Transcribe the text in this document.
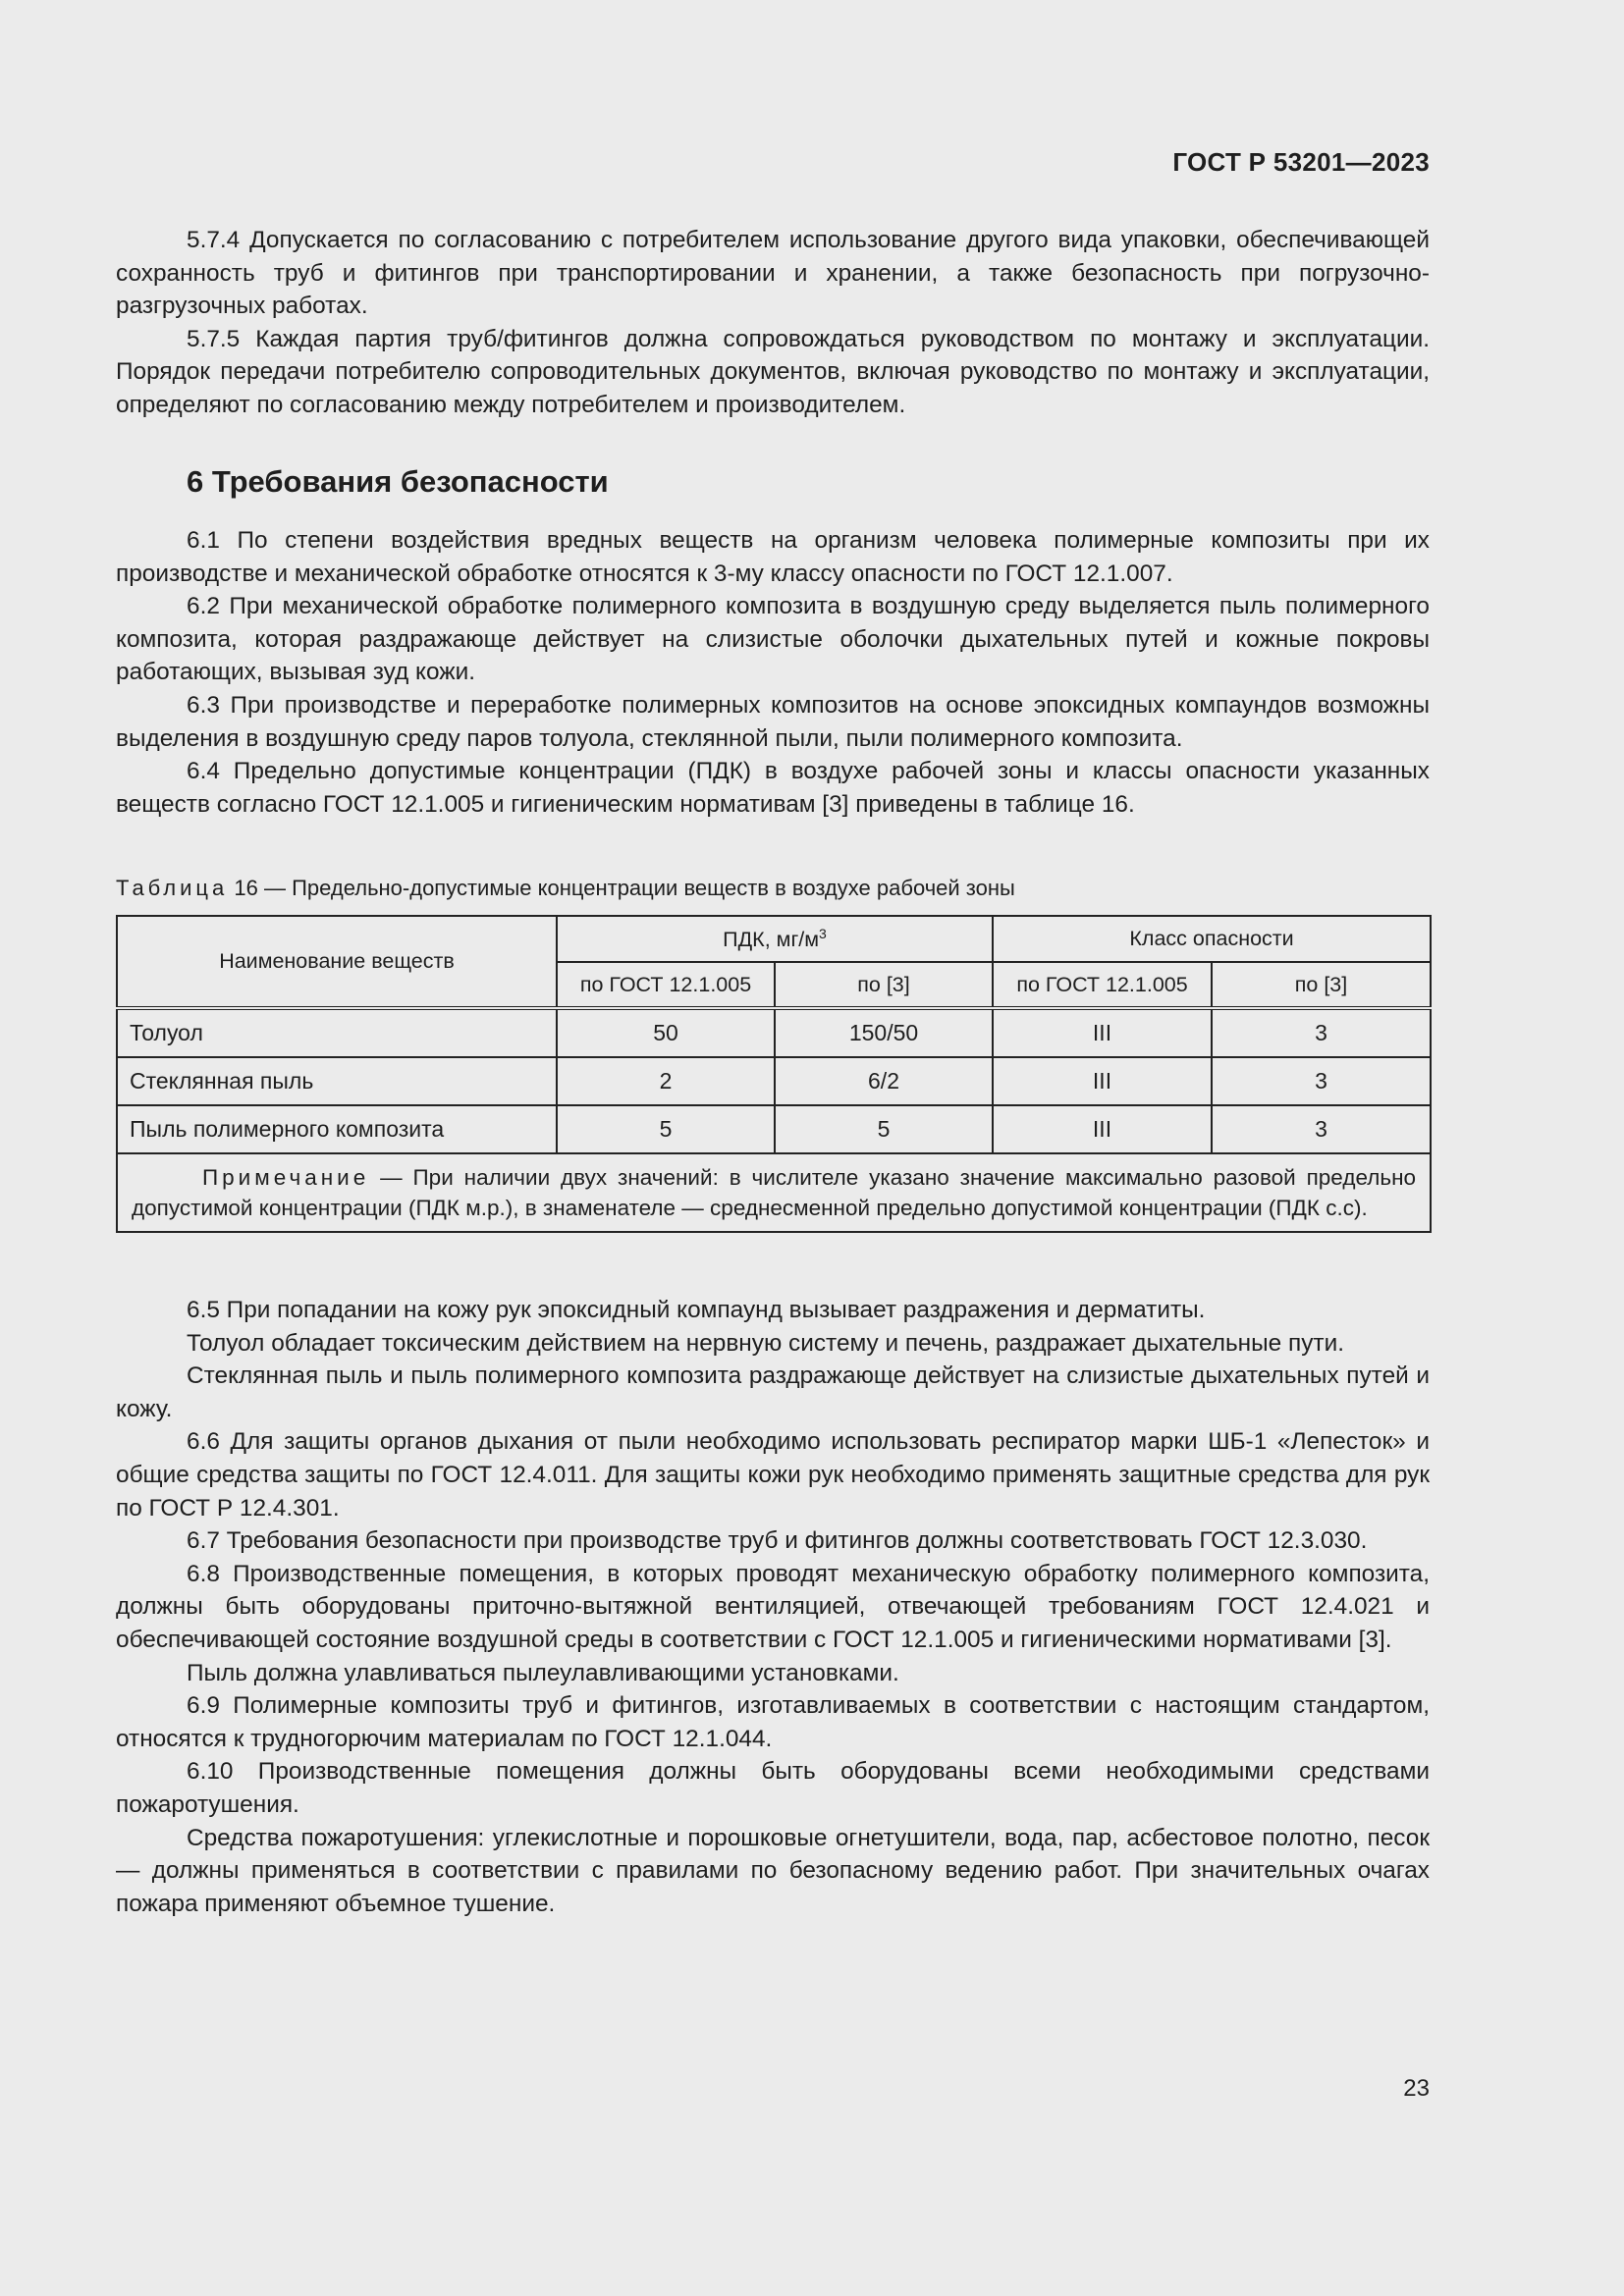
ГОСТ Р 53201—2023

5.7.4 Допускается по согласованию с потребителем использование другого вида упаковки, обеспечивающей сохранность труб и фитингов при транспортировании и хранении, а также безопасность при погрузочно-разгрузочных работах.

5.7.5 Каждая партия труб/фитингов должна сопровождаться руководством по монтажу и эксплуатации. Порядок передачи потребителю сопроводительных документов, включая руководство по монтажу и эксплуатации, определяют по согласованию между потребителем и производителем.

6 Требования безопасности

6.1 По степени воздействия вредных веществ на организм человека полимерные композиты при их производстве и механической обработке относятся к 3-му классу опасности по ГОСТ 12.1.007.

6.2 При механической обработке полимерного композита в воздушную среду выделяется пыль полимерного композита, которая раздражающе действует на слизистые оболочки дыхательных путей и кожные покровы работающих, вызывая зуд кожи.

6.3 При производстве и переработке полимерных композитов на основе эпоксидных компаундов возможны выделения в воздушную среду паров толуола, стеклянной пыли, пыли полимерного композита.

6.4 Предельно допустимые концентрации (ПДК) в воздухе рабочей зоны и классы опасности указанных веществ согласно ГОСТ 12.1.005 и гигиеническим нормативам [3] приведены в таблице 16.

Таблица 16 — Предельно-допустимые концентрации веществ в воздухе рабочей зоны
Наименование веществ	ПДК, $мг/м^3$		Класс опасности	
	по ГОСТ 12.1.005	по [3]	по ГОСТ 12.1.005	по [3]
Толуол	50	150/50	III	3
Стеклянная пыль	2	6/2	III	3
Пыль полимерного композита	5	5	III	3
Примечание — При наличии двух значений: в числителе указано значение максимально разовой предельно допустимой концентрации (ПДК м.р.), в знаменателе — среднесменной предельно допустимой концентрации (ПДК с.с).				

6.5 При попадании на кожу рук эпоксидный компаунд вызывает раздражения и дерматиты.

Толуол обладает токсическим действием на нервную систему и печень, раздражает дыхательные пути.

Стеклянная пыль и пыль полимерного композита раздражающе действует на слизистые дыхательных путей и кожу.

6.6 Для защиты органов дыхания от пыли необходимо использовать респиратор марки ШБ-1 «Лепесток» и общие средства защиты по ГОСТ 12.4.011. Для защиты кожи рук необходимо применять защитные средства для рук по ГОСТ Р 12.4.301.

6.7 Требования безопасности при производстве труб и фитингов должны соответствовать ГОСТ 12.3.030.

6.8 Производственные помещения, в которых проводят механическую обработку полимерного композита, должны быть оборудованы приточно-вытяжной вентиляцией, отвечающей требованиям ГОСТ 12.4.021 и обеспечивающей состояние воздушной среды в соответствии с ГОСТ 12.1.005 и гигиеническими нормативами [3].

Пыль должна улавливаться пылеулавливающими установками.

6.9 Полимерные композиты труб и фитингов, изготавливаемых в соответствии с настоящим стандартом, относятся к трудногорючим материалам по ГОСТ 12.1.044.

6.10 Производственные помещения должны быть оборудованы всеми необходимыми средствами пожаротушения.

Средства пожаротушения: углекислотные и порошковые огнетушители, вода, пар, асбестовое полотно, песок — должны применяться в соответствии с правилами по безопасному ведению работ. При значительных очагах пожара применяют объемное тушение.

23
